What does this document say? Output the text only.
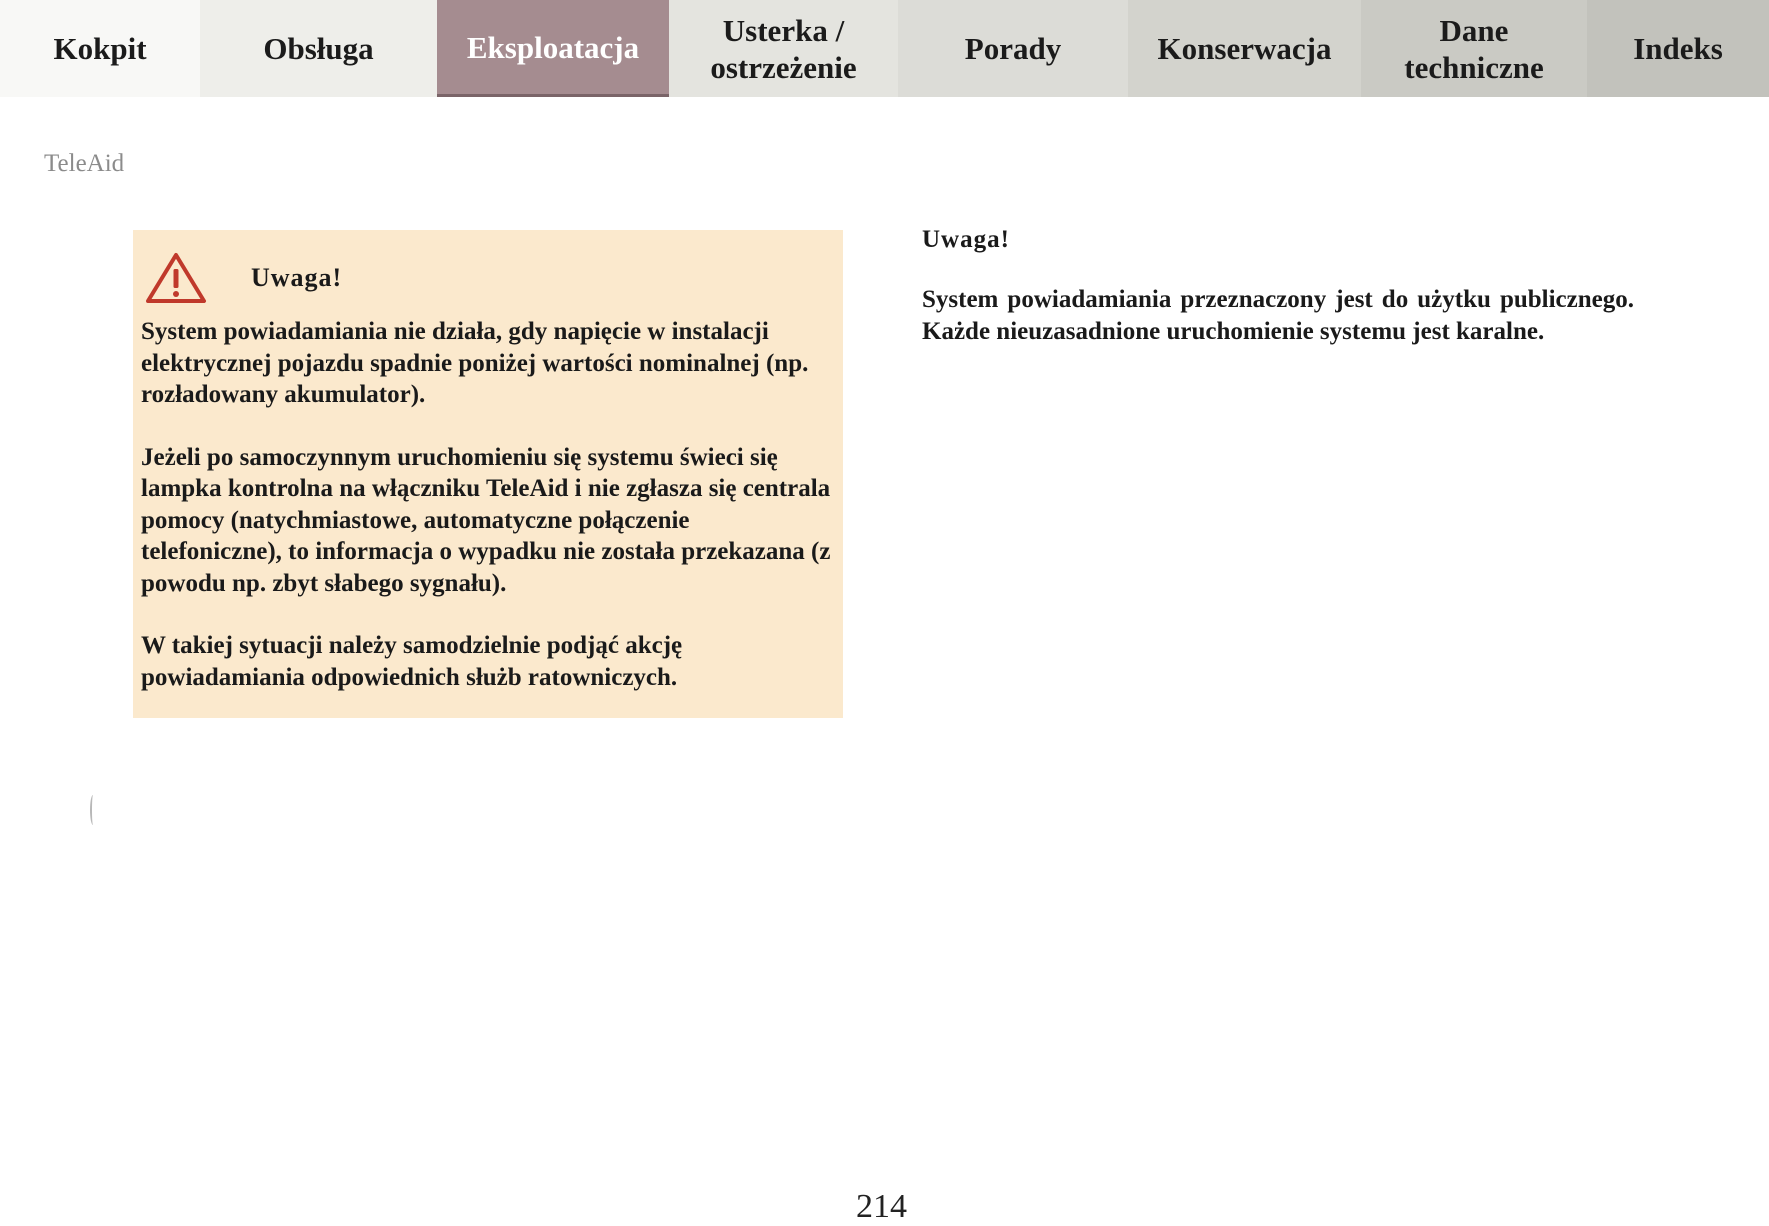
Kokpit	Obsługa	Eksploatacja	Usterka /
ostrzeżenie
Porady	Konserwacja
Dane
techniczne
Indeks
TeleAid
Uwaga!

System powiadamiania nie działa, gdy napięcie w instalacji elektrycznej pojazdu spadnie poniżej wartości nominalnej (np. rozładowany akumulator).

Jeżeli po samoczynnym uruchomieniu się systemu świeci się lampka kontrolna na włączniku TeleAid i nie zgłasza się centrala pomocy (natychmiastowe, automatyczne połączenie telefoniczne), to informacja o wypadku nie została przekazana (z powodu np. zbyt słabego sygnału).

W takiej sytuacji należy samodzielnie podjąć akcję powiadamiania odpowiednich służb ratowniczych.

Uwaga!

System powiadamiania przeznaczony jest do użytku publicznego. Każde nieuzasadnione uruchomienie systemu jest karalne.

214
